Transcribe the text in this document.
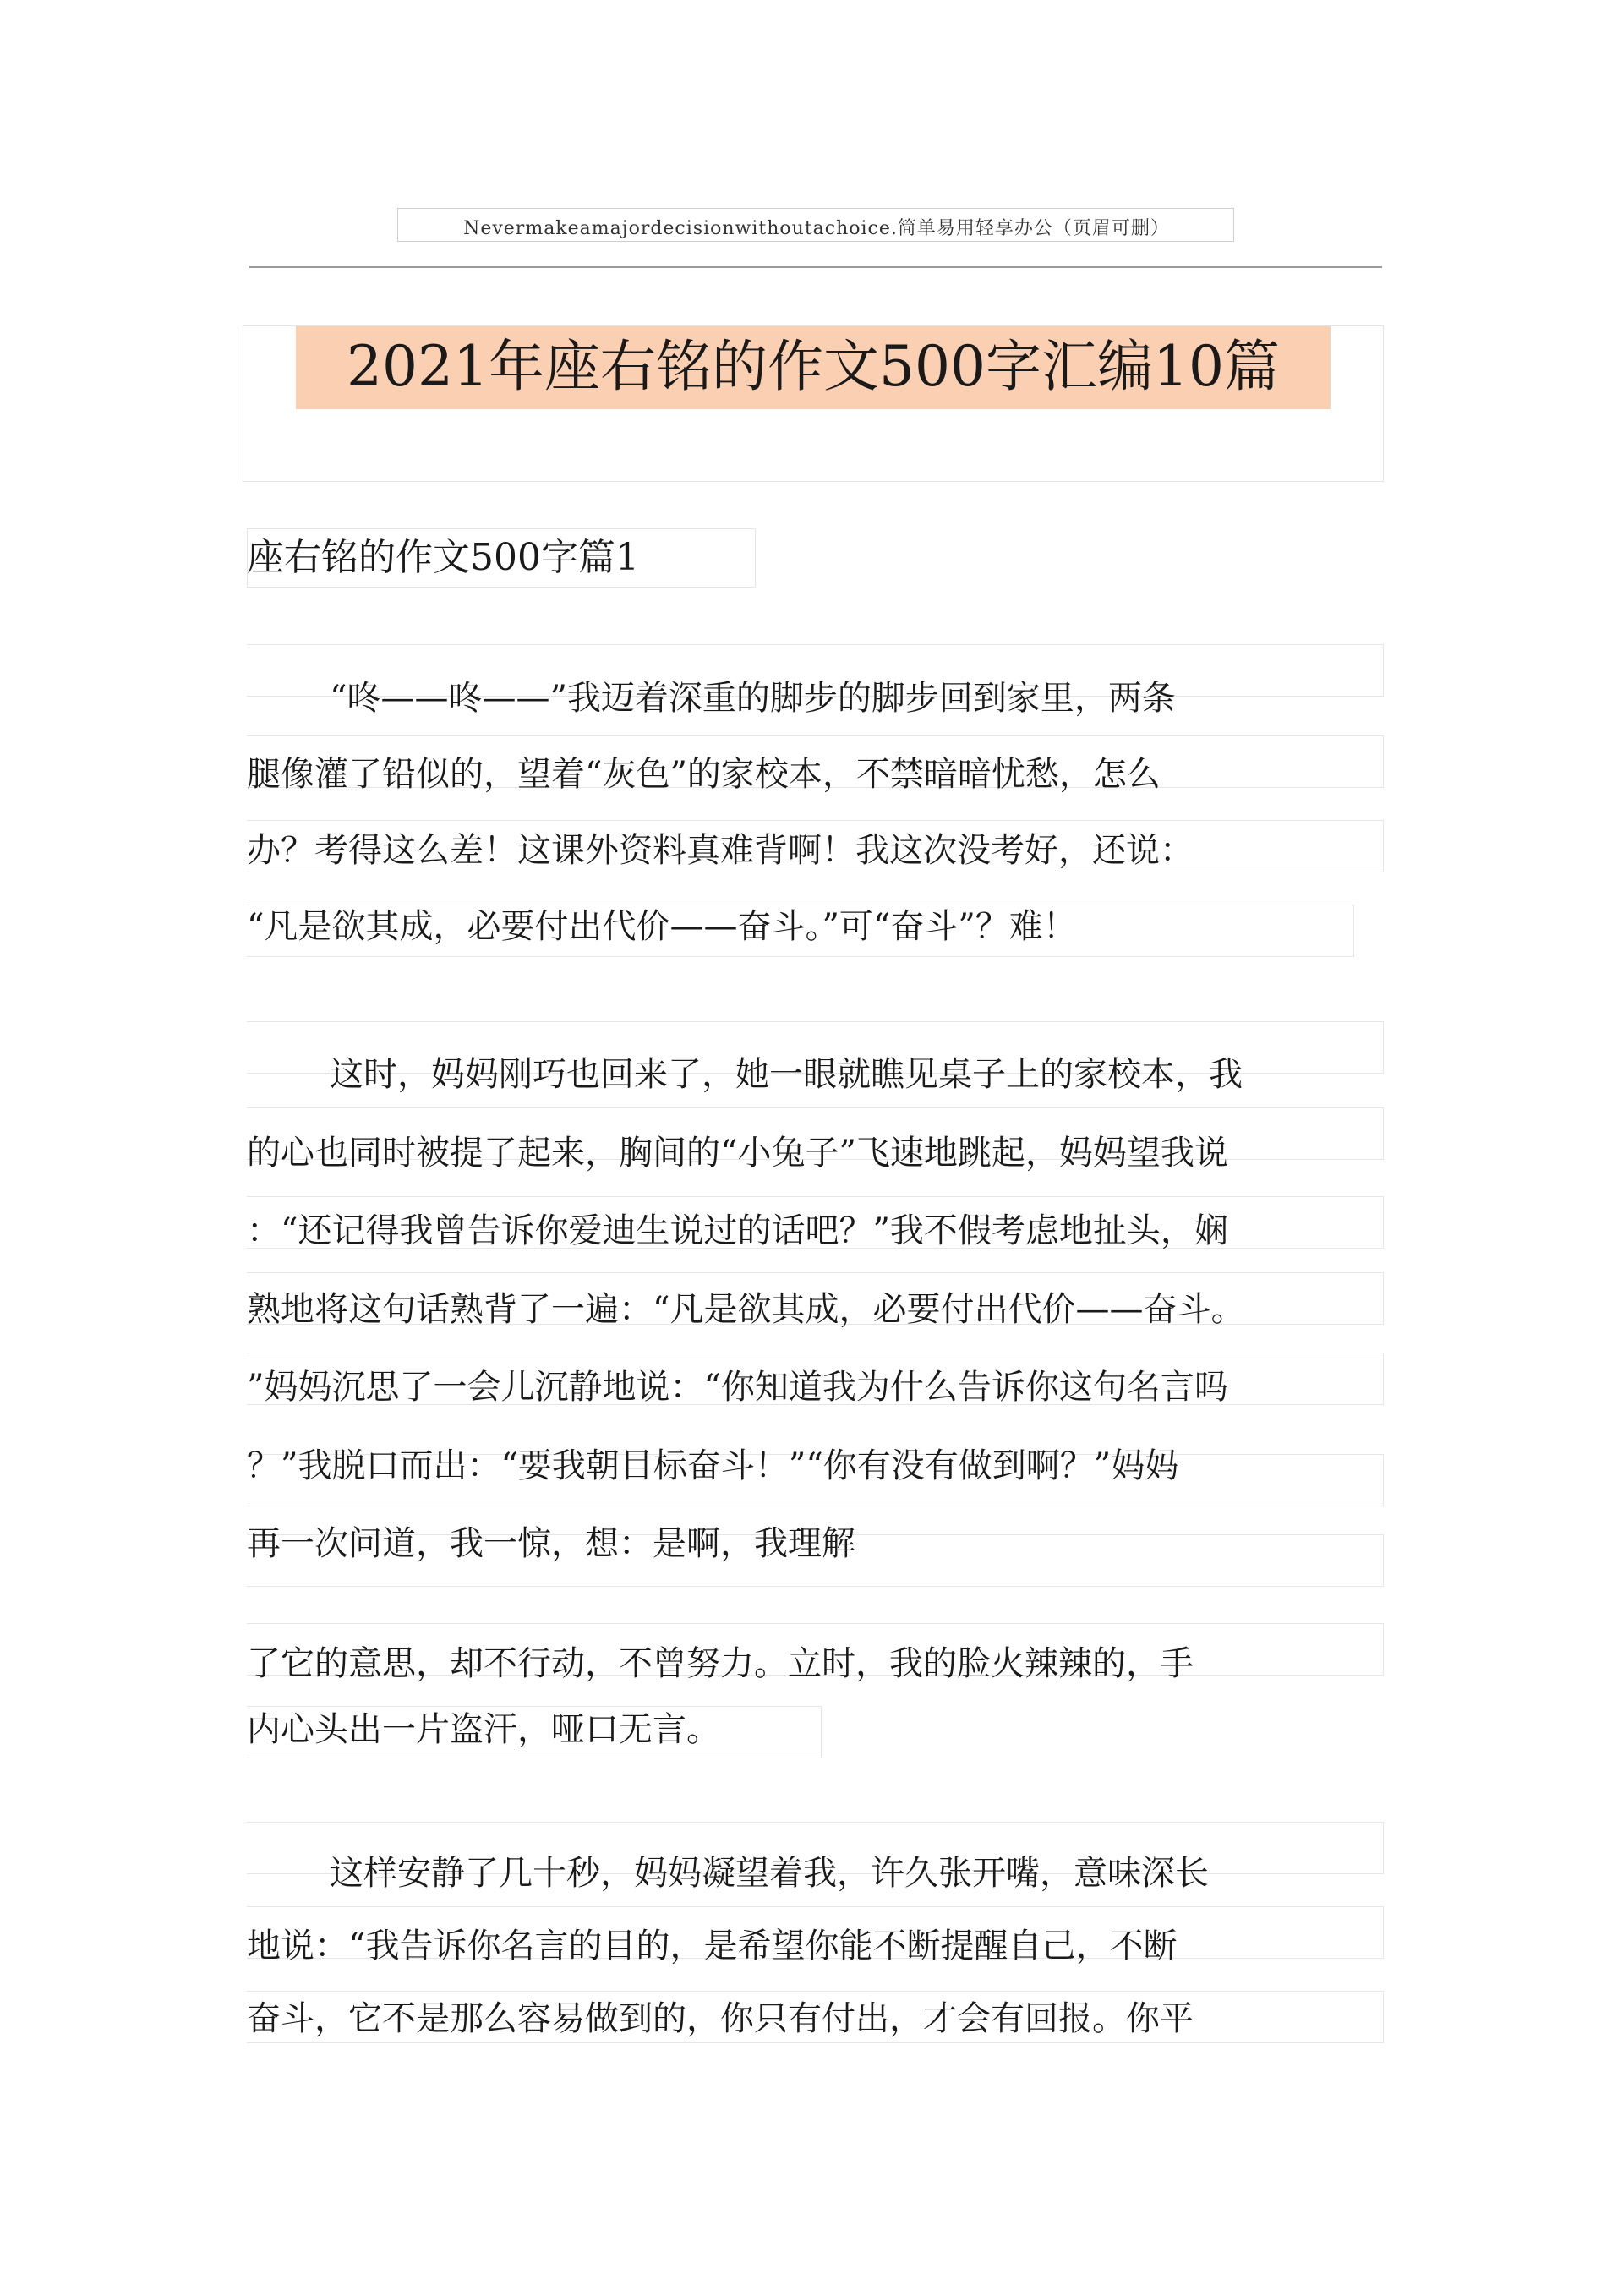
Nevermakeamajordecisionwithoutachoice.简单易用轻享办公（页眉可删）
2021年座右铭的作文500字汇编10篇
座右铭的作文500字篇1
“咚——咚——”我迈着深重的脚步的脚步回到家里，两条
腿像灌了铅似的，望着“灰色”的家校本，不禁暗暗忧愁，怎么
办？考得这么差！这课外资料真难背啊！我这次没考好，还说：
“凡是欲其成，必要付出代价——奋斗。”可“奋斗”？难！
这时，妈妈刚巧也回来了，她一眼就瞧见桌子上的家校本，我
的心也同时被提了起来，胸间的“小兔子”飞速地跳起，妈妈望我说
：“还记得我曾告诉你爱迪生说过的话吧？”我不假考虑地扯头，娴
熟地将这句话熟背了一遍：“凡是欲其成，必要付出代价——奋斗。
”妈妈沉思了一会儿沉静地说：“你知道我为什么告诉你这句名言吗
？”我脱口而出：“要我朝目标奋斗！”“你有没有做到啊？”妈妈
再一次问道，我一惊，想：是啊，我理解
了它的意思，却不行动，不曾努力。立时，我的脸火辣辣的，手
内心头出一片盗汗，哑口无言。
这样安静了几十秒，妈妈凝望着我，许久张开嘴，意味深长
地说：“我告诉你名言的目的，是希望你能不断提醒自己，不断
奋斗，它不是那么容易做到的，你只有付出，才会有回报。你平
